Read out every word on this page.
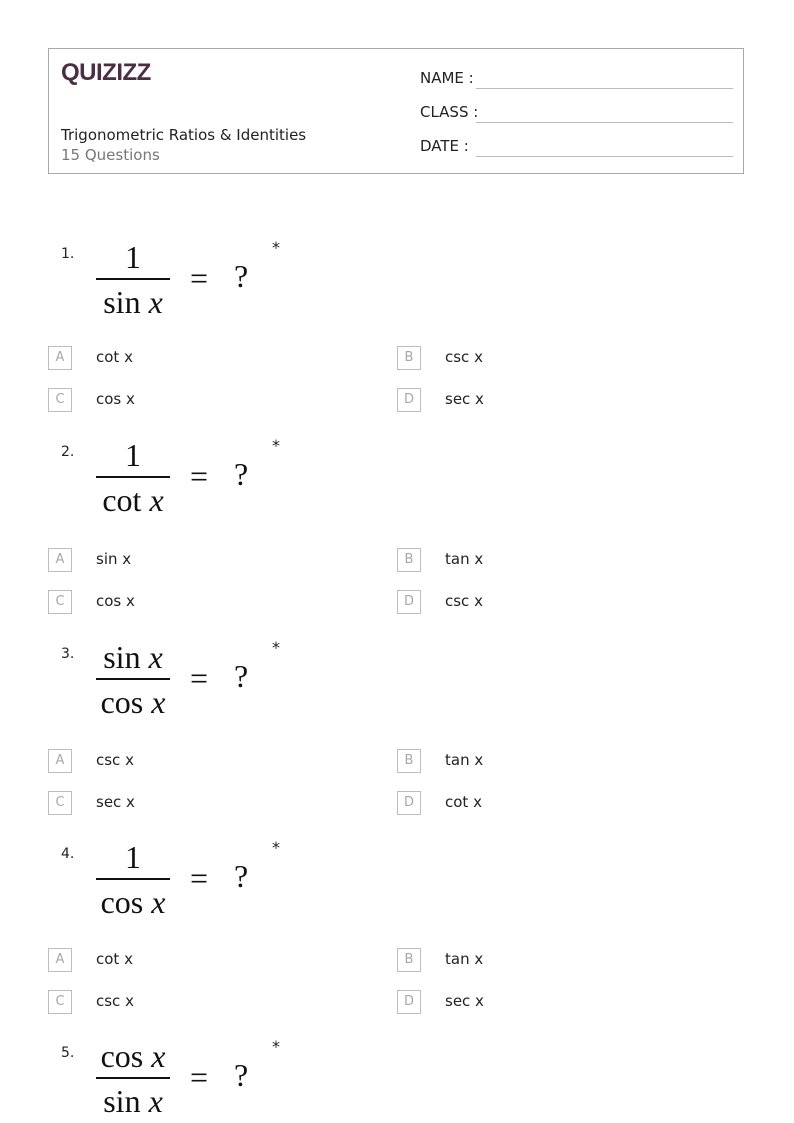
QUIZIZZ
Trigonometric Ratios & Identities
15 Questions
NAME :
CLASS :
DATE :
1.	1
sin x
= ?
*
A	cot x	B	csc x
C	cos x	D	sec x
2.	1
cot x
= ?
*
A	sin x	B	tan x
C	cos x	D	csc x
3. sin x
cos x
= ?
*
A	csc x	B	tan x
C	sec x	D	cot x
4.	1
cos x
= ?
*
A	cot x	B	tan x
C	csc x	D	sec x
5. cos x
sin x
= ?
*
